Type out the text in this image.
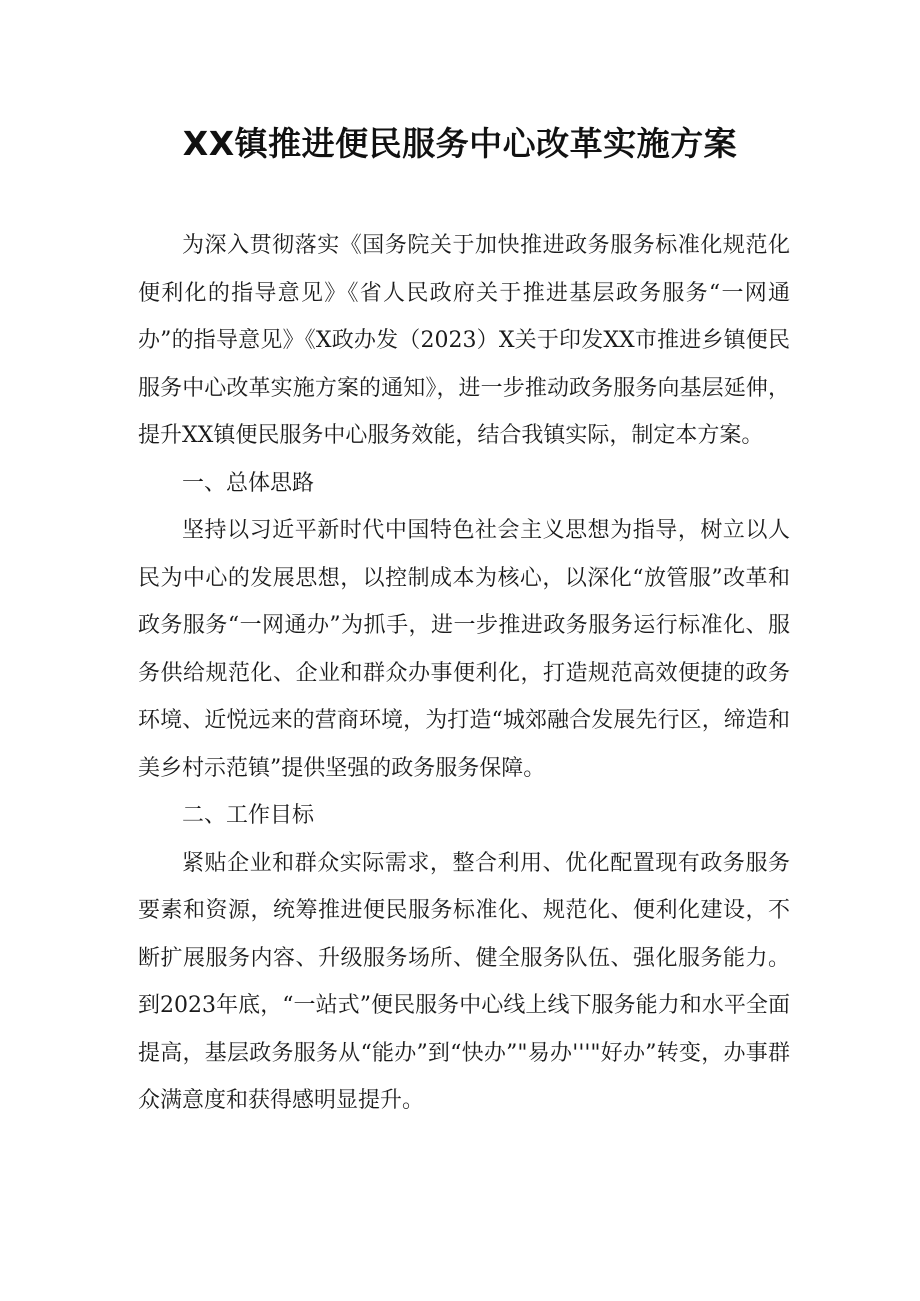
XX镇推进便民服务中心改革实施方案

为深入贯彻落实《国务院关于加快推进政务服务标准化规范化便利化的指导意见》《省人民政府关于推进基层政务服务“一网通办”的指导意见》《X政办发（2023）X关于印发XX市推进乡镇便民服务中心改革实施方案的通知》，进一步推动政务服务向基层延伸，提升XX镇便民服务中心服务效能，结合我镇实际，制定本方案。

一、总体思路

坚持以习近平新时代中国特色社会主义思想为指导，树立以人民为中心的发展思想，以控制成本为核心，以深化“放管服”改革和政务服务“一网通办”为抓手，进一步推进政务服务运行标准化、服务供给规范化、企业和群众办事便利化，打造规范高效便捷的政务环境、近悦远来的营商环境，为打造“城郊融合发展先行区，缔造和美乡村示范镇”提供坚强的政务服务保障。

二、工作目标

紧贴企业和群众实际需求，整合利用、优化配置现有政务服务要素和资源，统筹推进便民服务标准化、规范化、便利化建设，不断扩展服务内容、升级服务场所、健全服务队伍、强化服务能力。到2023年底，“一站式”便民服务中心线上线下服务能力和水平全面提高，基层政务服务从“能办”到“快办”"易办'''"好办”转变，办事群众满意度和获得感明显提升。
